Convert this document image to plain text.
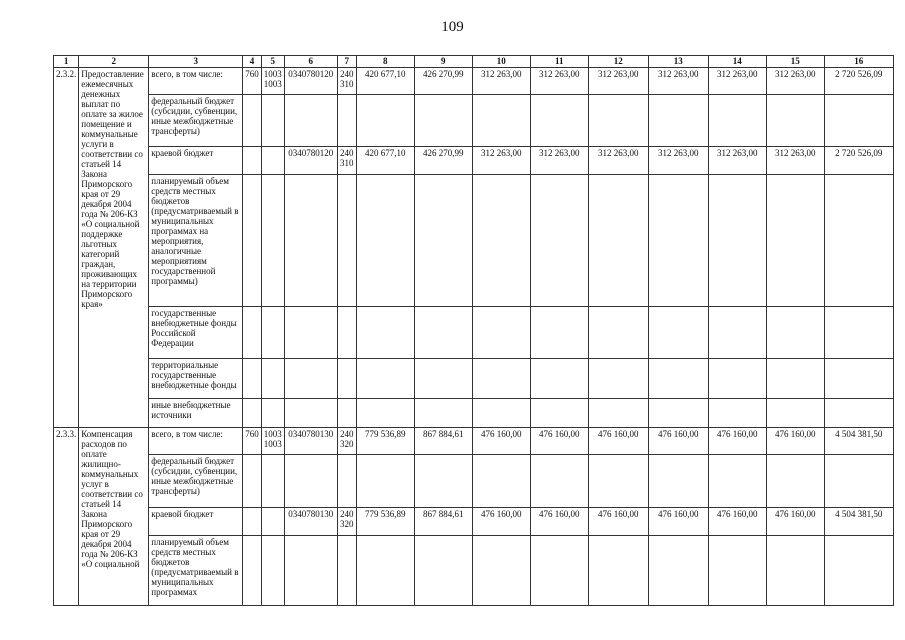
109
1	2	3	4	5	6	7	8	9	10	11	12	13	14	15	16
2.3.2.	Предоставление ежемесячных денежных выплат по оплате за жилое помещение и коммунальные услуги в соответствии со статьей 14 Закона Приморского края от 29 декабря 2004 года № 206-КЗ «О социальной поддержке льготных категорий граждан, проживающих на территории Приморского края»	всего, в том числе:	760	1003 1003	0340780120	240 310	420 677,10	426 270,99	312 263,00	312 263,00	312 263,00	312 263,00	312 263,00	312 263,00	2 720 526,09
		федеральный бюджет (субсидии, субвенции, иные межбюджетные трансферты)													
		краевой бюджет			0340780120	240 310	420 677,10	426 270,99	312 263,00	312 263,00	312 263,00	312 263,00	312 263,00	312 263,00	2 720 526,09
		планируемый объем средств местных бюджетов (предусматриваемый в муниципальных программах на мероприятия, аналогичные мероприятиям государственной программы)													
		государственные внебюджетные фонды Российской Федерации													
		территориальные государственные внебюджетные фонды													
		иные внебюджетные источники													
2.3.3.	Компенсация расходов по оплате жилищно-коммунальных услуг в соответствии со статьей 14 Закона Приморского края от 29 декабря 2004 года № 206-КЗ «О социальной	всего, в том числе:	760	1003 1003	0340780130	240 320	779 536,89	867 884,61	476 160,00	476 160,00	476 160,00	476 160,00	476 160,00	476 160,00	4 504 381,50
		федеральный бюджет (субсидии, субвенции, иные межбюджетные трансферты)													
		краевой бюджет			0340780130	240 320	779 536,89	867 884,61	476 160,00	476 160,00	476 160,00	476 160,00	476 160,00	476 160,00	4 504 381,50
		планируемый объем средств местных бюджетов (предусматриваемый в муниципальных программах													
